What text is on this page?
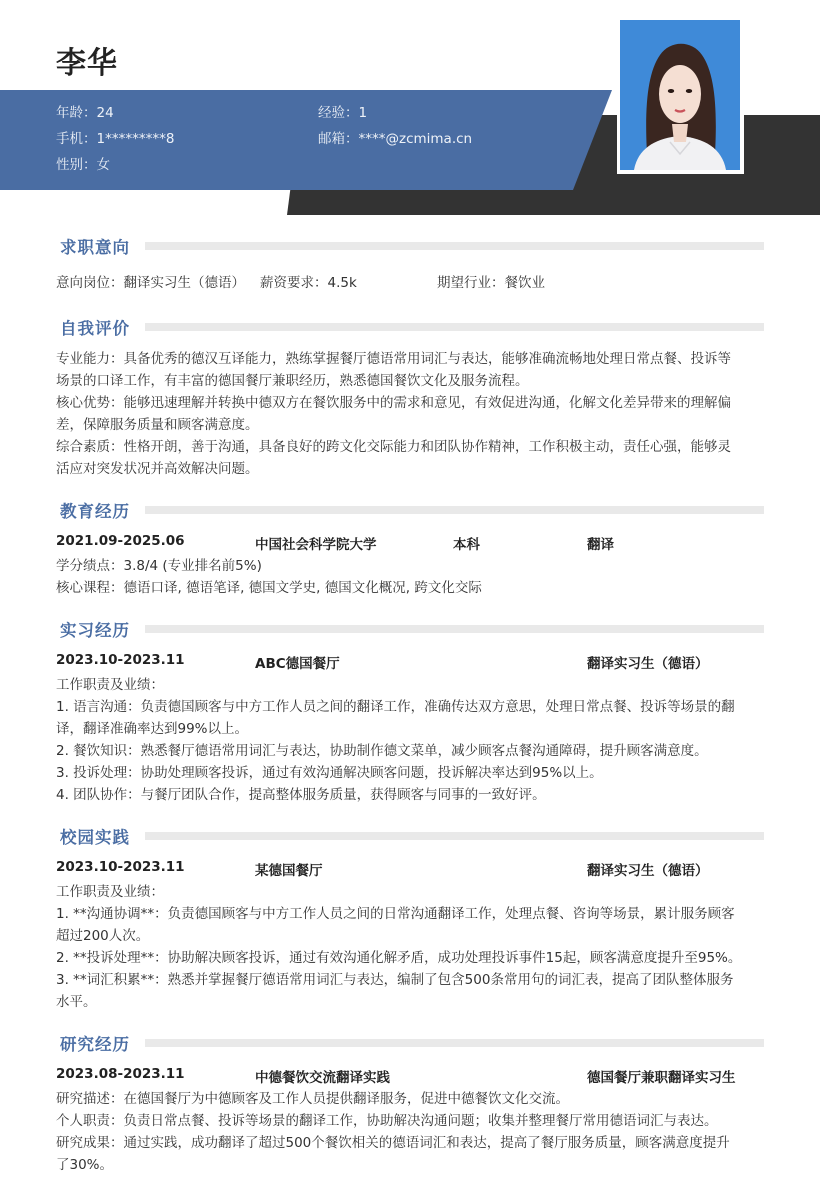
李华
年龄：24	经验：1
手机：1*********8	邮箱：****@zcmima.cn
性别：女
求职意向
意向岗位：翻译实习生（德语） 薪资要求：4.5k	期望行业：餐饮业
自我评价
专业能力：具备优秀的德汉互译能力，熟练掌握餐厅德语常用词汇与表达，能够准确流畅地处理日常点餐、投诉等
场景的口译工作，有丰富的德国餐厅兼职经历，熟悉德国餐饮文化及服务流程。
核心优势：能够迅速理解并转换中德双方在餐饮服务中的需求和意见，有效促进沟通，化解文化差异带来的理解偏
差，保障服务质量和顾客满意度。
综合素质：性格开朗，善于沟通，具备良好的跨文化交际能力和团队协作精神，工作积极主动，责任心强，能够灵
活应对突发状况并高效解决问题。
教育经历
2021.09-2025.06	中国社会科学院大学	本科	翻译
学分绩点：3.8/4 (专业排名前5%)
核心课程：德语口译, 德语笔译, 德国文学史, 德国文化概况, 跨文化交际
实习经历
2023.10-2023.11	ABC德国餐厅	翻译实习生（德语）
工作职责及业绩：
1. 语言沟通：负责德国顾客与中方工作人员之间的翻译工作，准确传达双方意思，处理日常点餐、投诉等场景的翻
译，翻译准确率达到99%以上。
2. 餐饮知识：熟悉餐厅德语常用词汇与表达，协助制作德文菜单，减少顾客点餐沟通障碍，提升顾客满意度。
3. 投诉处理：协助处理顾客投诉，通过有效沟通解决顾客问题，投诉解决率达到95%以上。
4. 团队协作：与餐厅团队合作，提高整体服务质量，获得顾客与同事的一致好评。
校园实践
2023.10-2023.11	某德国餐厅	翻译实习生（德语）
工作职责及业绩：
1. **沟通协调**：负责德国顾客与中方工作人员之间的日常沟通翻译工作，处理点餐、咨询等场景，累计服务顾客
超过200人次。
2. **投诉处理**：协助解决顾客投诉，通过有效沟通化解矛盾，成功处理投诉事件15起，顾客满意度提升至95%。
3. **词汇积累**：熟悉并掌握餐厅德语常用词汇与表达，编制了包含500条常用句的词汇表，提高了团队整体服务
水平。
研究经历
2023.08-2023.11	中德餐饮交流翻译实践	德国餐厅兼职翻译实习生
研究描述：在德国餐厅为中德顾客及工作人员提供翻译服务，促进中德餐饮文化交流。
个人职责：负责日常点餐、投诉等场景的翻译工作，协助解决沟通问题；收集并整理餐厅常用德语词汇与表达。
研究成果：通过实践，成功翻译了超过500个餐饮相关的德语词汇和表达，提高了餐厅服务质量，顾客满意度提升
了30%。
